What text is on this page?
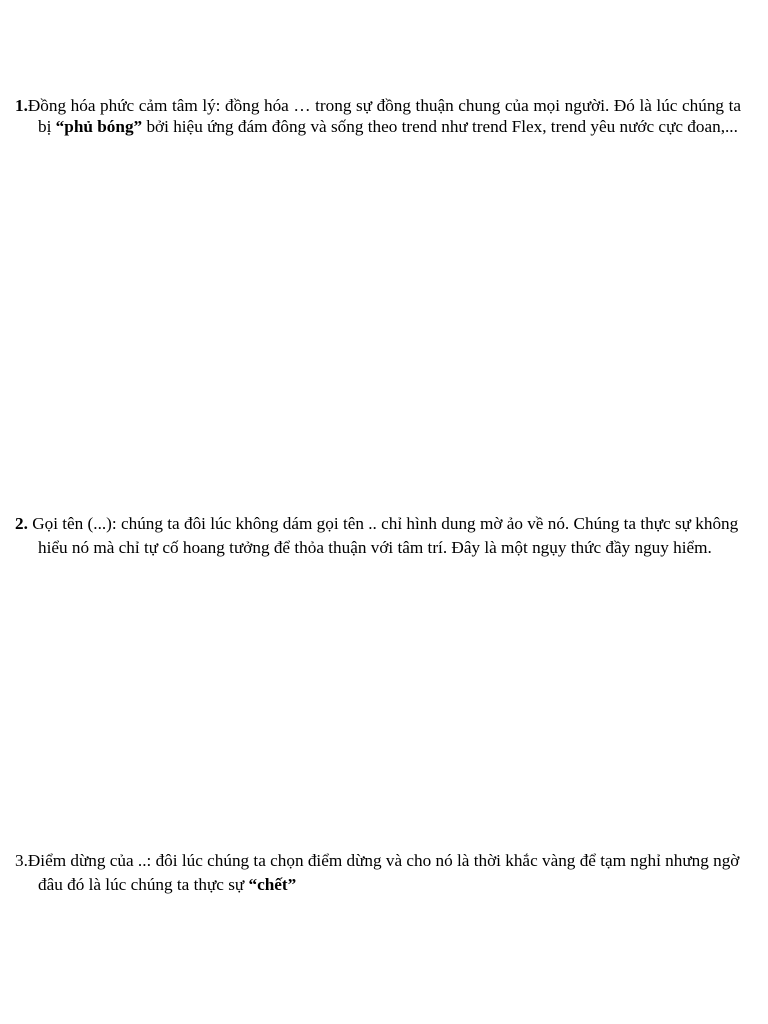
1.Đồng hóa phức cảm tâm lý: đồng hóa … trong sự đồng thuận chung của mọi người. Đó là lúc chúng ta bị “phủ bóng” bởi hiệu ứng đám đông và sống theo trend như trend Flex, trend yêu nước cực đoan,...

2. Gọi tên (...): chúng ta đôi lúc không dám gọi tên .. chỉ hình dung mờ ảo về nó. Chúng ta thực sự không hiểu nó mà chỉ tự cố hoang tưởng để thỏa thuận với tâm trí. Đây là một ngụy thức đầy nguy hiểm.

3.Điểm dừng của ..: đôi lúc chúng ta chọn điểm dừng và cho nó là thời khắc vàng để tạm nghỉ nhưng ngờ đâu đó là lúc chúng ta thực sự “chết”
